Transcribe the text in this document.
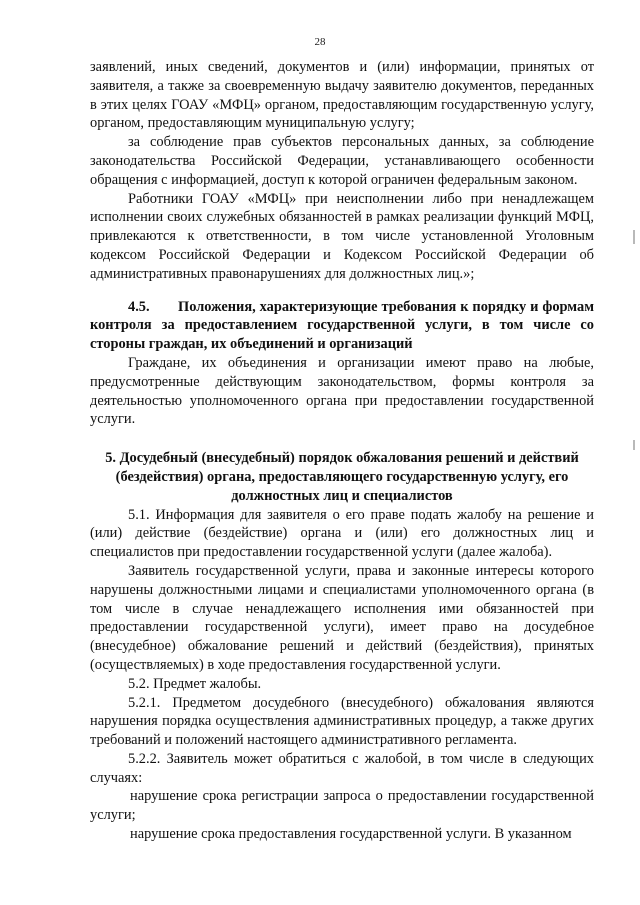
28

заявлений, иных сведений, документов и (или) информации, принятых от заявителя, а также за своевременную выдачу заявителю документов, переданных в этих целях ГОАУ «МФЦ» органом, предоставляющим государственную услугу, органом, предоставляющим муниципальную услугу;

за соблюдение прав субъектов персональных данных, за соблюдение законодательства Российской Федерации, устанавливающего особенности обращения с информацией, доступ к которой ограничен федеральным законом.

Работники ГОАУ «МФЦ» при неисполнении либо при ненадлежащем исполнении своих служебных обязанностей в рамках реализации функций МФЦ, привлекаются к ответственности, в том числе установленной Уголовным кодексом Российской Федерации и Кодексом Российской Федерации об административных правонарушениях для должностных лиц.»;

4.5. Положения, характеризующие требования к порядку и формам контроля за предоставлением государственной услуги, в том числе со стороны граждан, их объединений и организаций

Граждане, их объединения и организации имеют право на любые, предусмотренные действующим законодательством, формы контроля за деятельностью уполномоченного органа при предоставлении государственной услуги.

5. Досудебный (внесудебный) порядок обжалования решений и действий (бездействия) органа, предоставляющего государственную услугу, его должностных лиц и специалистов

5.1. Информация для заявителя о его праве подать жалобу на решение и (или) действие (бездействие) органа и (или) его должностных лиц и специалистов при предоставлении государственной услуги (далее жалоба).

Заявитель государственной услуги, права и законные интересы которого нарушены должностными лицами и специалистами уполномоченного органа (в том числе в случае ненадлежащего исполнения ими обязанностей при предоставлении государственной услуги), имеет право на досудебное (внесудебное) обжалование решений и действий (бездействия), принятых (осуществляемых) в ходе предоставления государственной услуги.

5.2. Предмет жалобы.

5.2.1. Предметом досудебного (внесудебного) обжалования являются нарушения порядка осуществления административных процедур, а также других требований и положений настоящего административного регламента.

5.2.2. Заявитель может обратиться с жалобой, в том числе в следующих случаях:

нарушение срока регистрации запроса о предоставлении государственной услуги;

нарушение срока предоставления государственной услуги. В указанном
